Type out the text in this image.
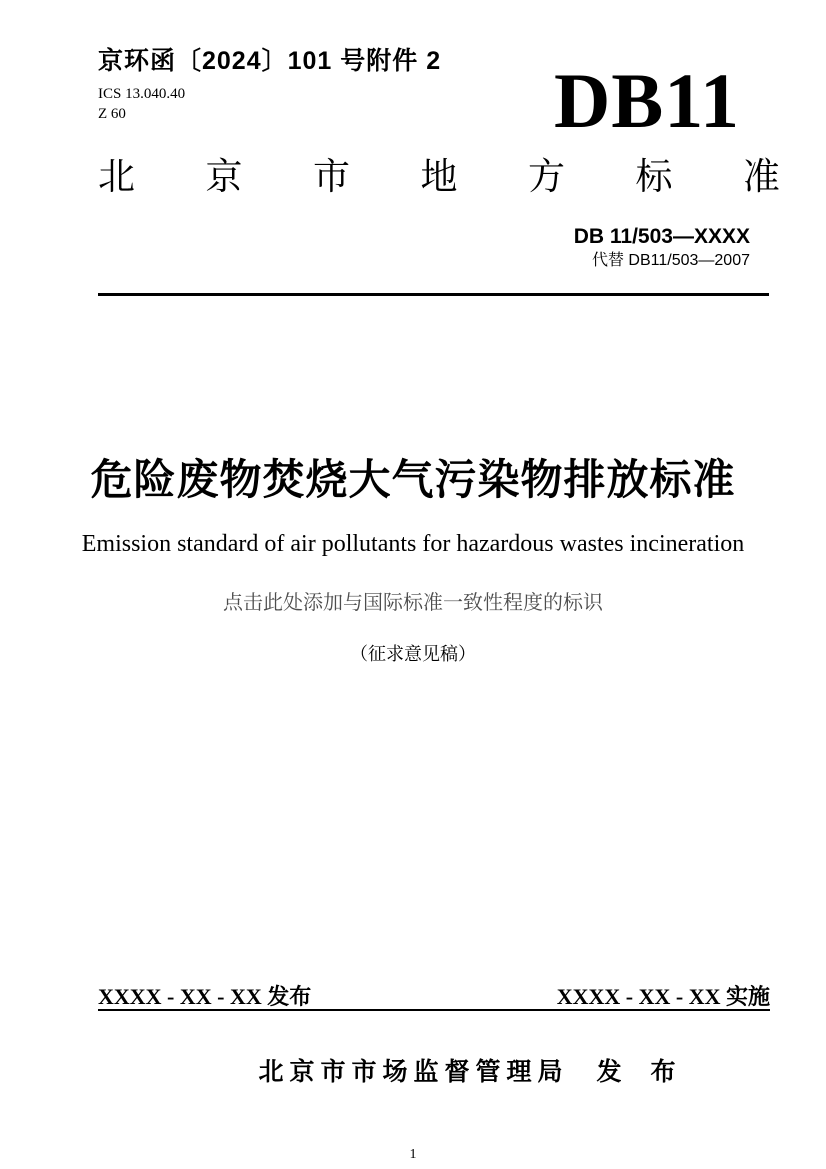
京环函〔2024〕101 号附件 2
ICS 13.040.40
Z 60	DB11
北 京 市 地 方 标 准
DB 11/503—XXXX
代替 DB11/503—2007
危险废物焚烧大气污染物排放标准
Emission standard of air pollutants for hazardous wastes incineration
点击此处添加与国际标准一致性程度的标识
（征求意见稿）
XXXX - XX - XX 发布	XXXX - XX - XX 实施
北京市市场监督管理局 发　布
1
